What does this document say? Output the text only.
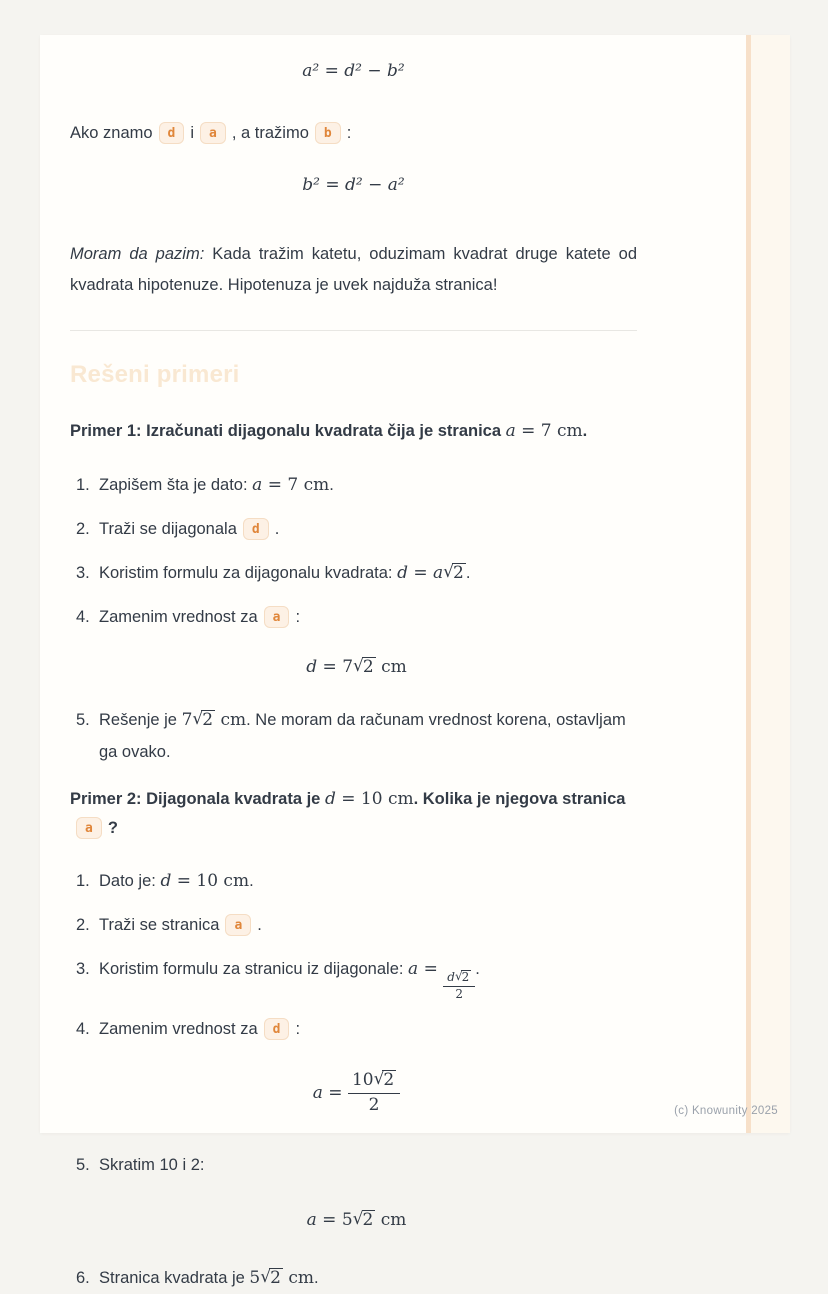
a² = d² − b²

Ako znamo d i a , a tražimo b :

b² = d² − a²

Moram da pazim: Kada tražim katetu, oduzimam kvadrat druge katete od kvadrata hipotenuze. Hipotenuza je uvek najduža stranica!

Rešeni primeri

Primer 1: Izračunati dijagonalu kvadrata čija je stranica a = 7 cm.

1. Zapišem šta je dato: a = 7 cm.
2. Traži se dijagonala d .
3. Koristim formulu za dijagonalu kvadrata: d = a√2 .
4. Zamenim vrednost za a :
d = 7√2 cm
5. Rešenje je 7√2 cm. Ne moram da računam vrednost korena, ostavljam ga ovako.

Primer 2: Dijagonala kvadrata je d = 10 cm. Kolika je njegova stranicaa ?

1. Dato je: d = 10 cm.
2. Traži se stranica a .
3. Koristim formulu za stranicu iz dijagonale: a =
$\frac{d√2}{2}$
.
4. Zamenim vrednost za d :
$a = \frac{10√2}{2}$
5. Skratim 10 i 2:
a = 5√2 cm
6. Stranica kvadrata je 5√2 cm.
(c) Knowunity 2025
